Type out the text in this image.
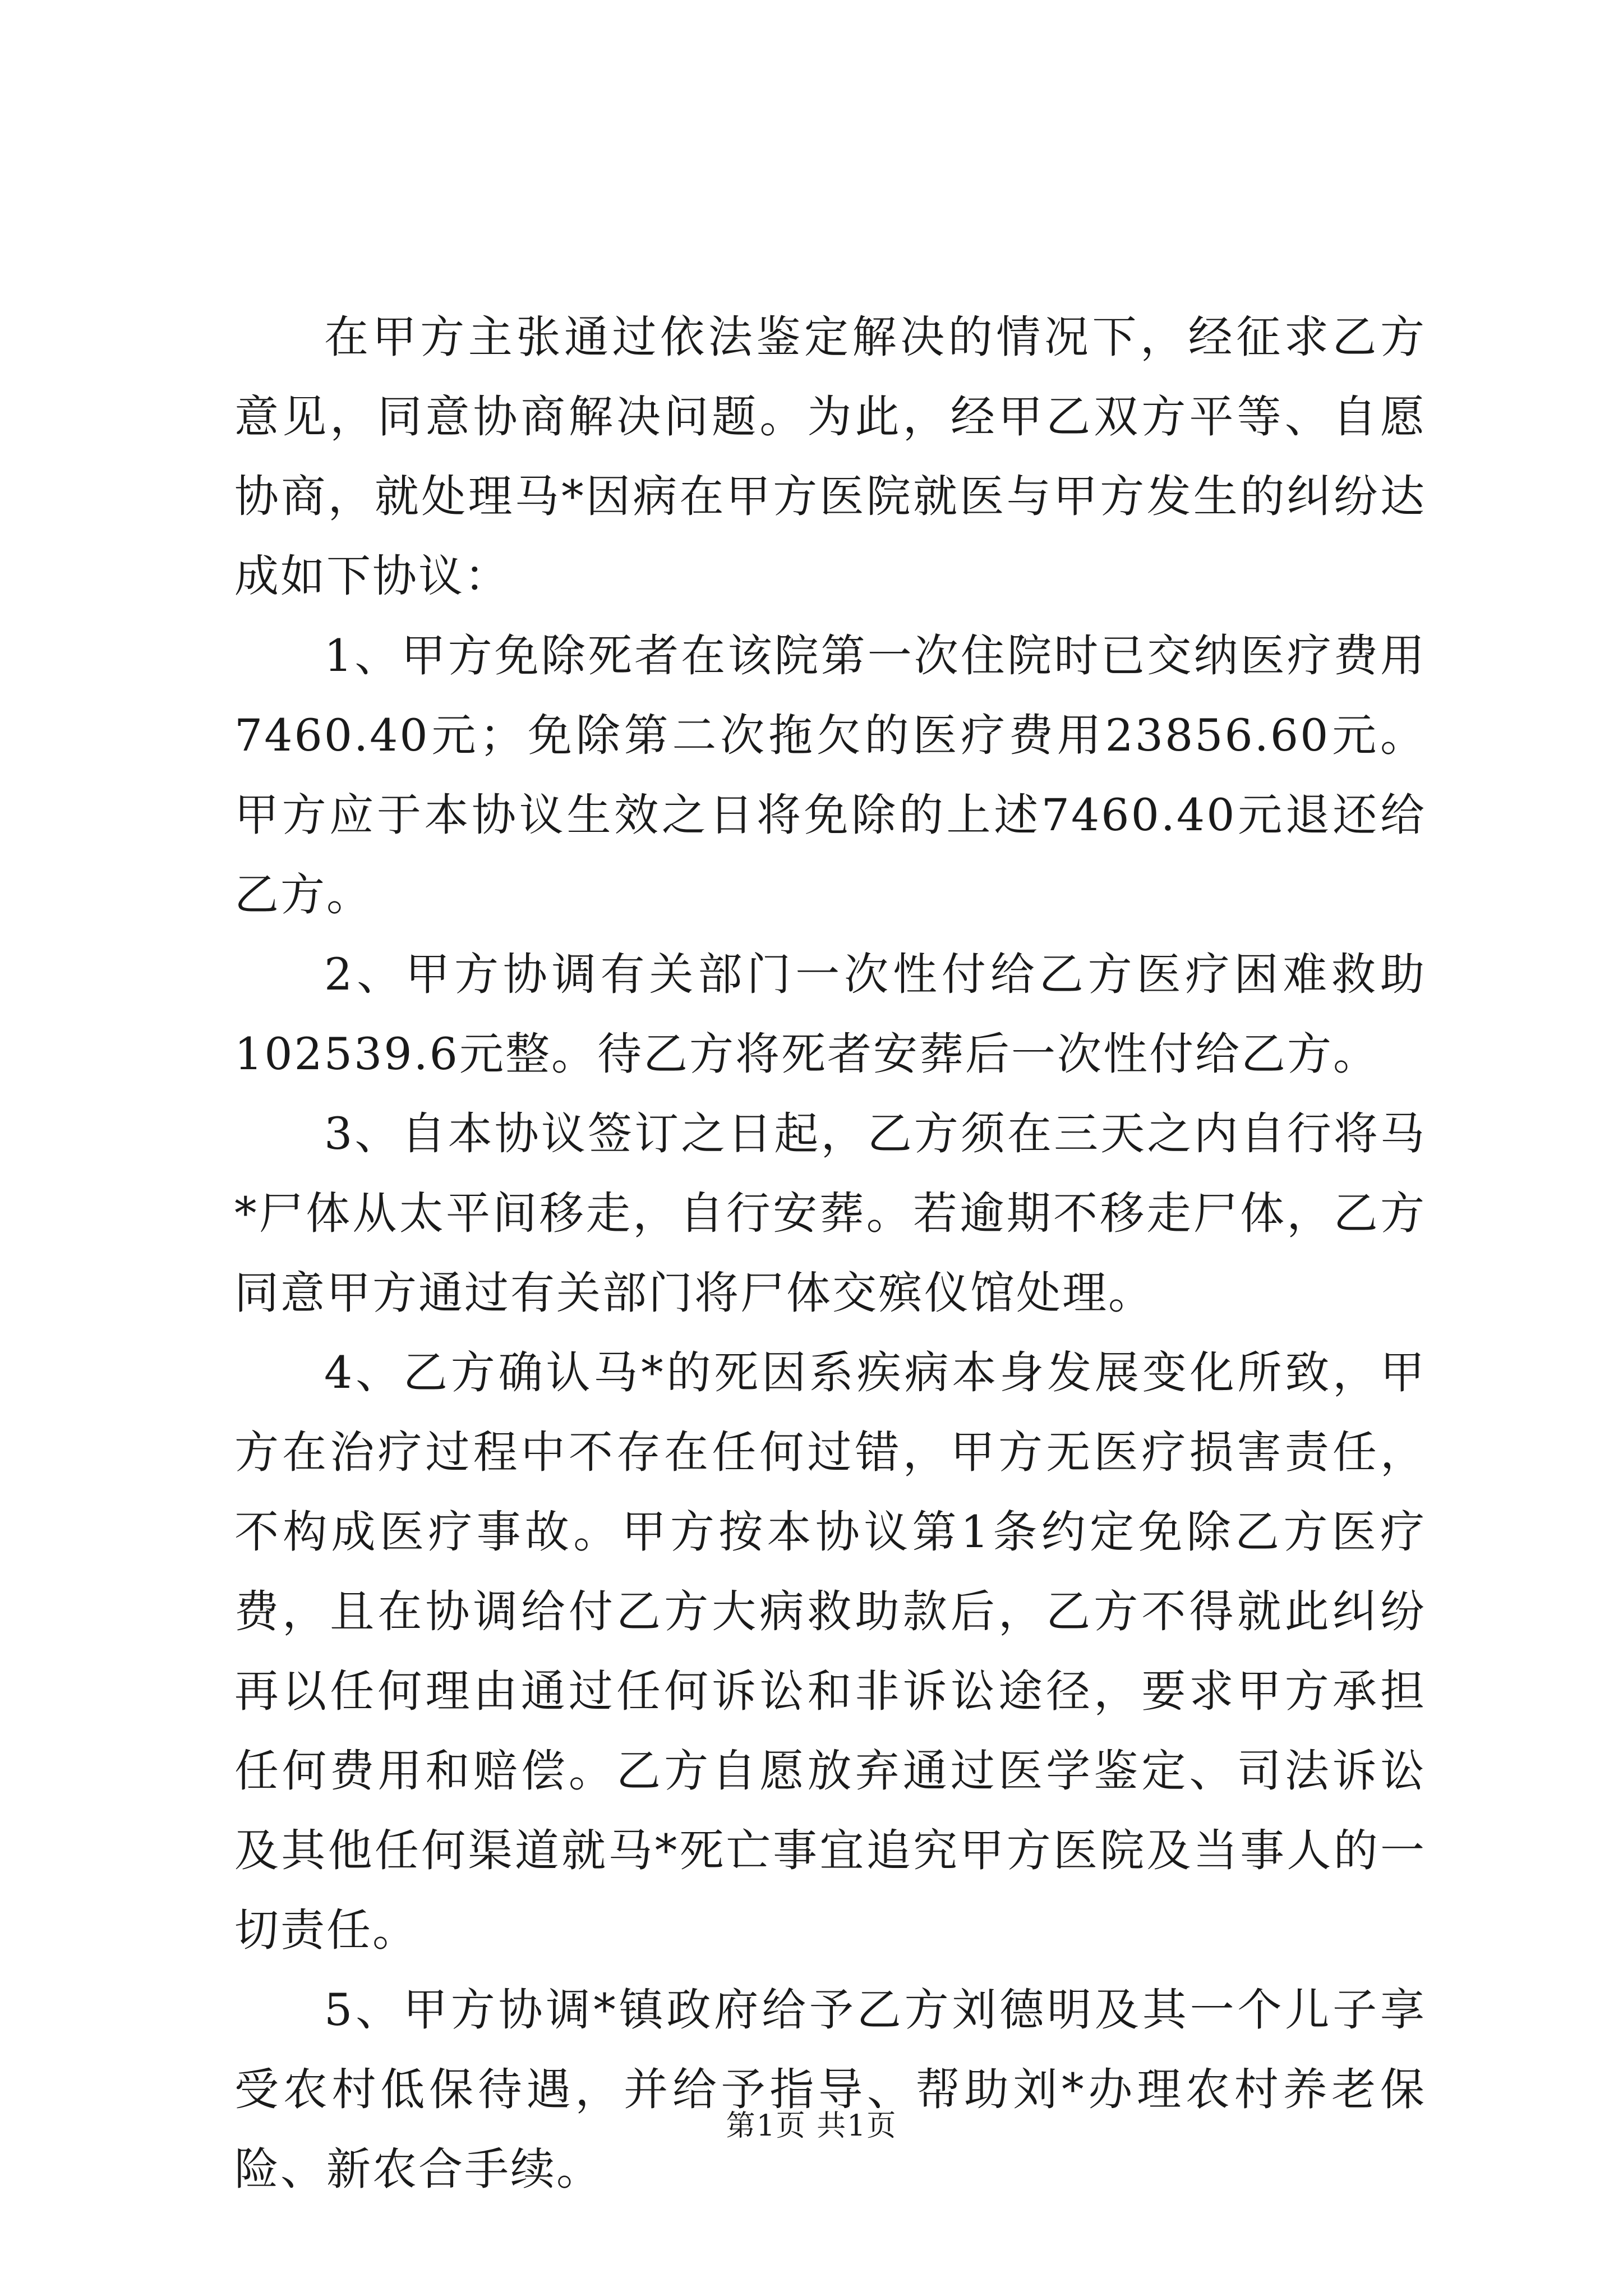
在甲方主张通过依法鉴定解决的情况下，经征求乙方意见，同意协商解决问题。为此，经甲乙双方平等、自愿协商，就处理马*因病在甲方医院就医与甲方发生的纠纷达成如下协议：

1、甲方免除死者在该院第一次住院时已交纳医疗费用7460.40元；免除第二次拖欠的医疗费用23856.60元。甲方应于本协议生效之日将免除的上述7460.40元退还给乙方。

2、甲方协调有关部门一次性付给乙方医疗困难救助102539.6元整。待乙方将死者安葬后一次性付给乙方。

3、自本协议签订之日起，乙方须在三天之内自行将马*尸体从太平间移走，自行安葬。若逾期不移走尸体，乙方同意甲方通过有关部门将尸体交殡仪馆处理。

4、乙方确认马*的死因系疾病本身发展变化所致，甲方在治疗过程中不存在任何过错，甲方无医疗损害责任，不构成医疗事故。甲方按本协议第1条约定免除乙方医疗费，且在协调给付乙方大病救助款后，乙方不得就此纠纷再以任何理由通过任何诉讼和非诉讼途径，要求甲方承担任何费用和赔偿。乙方自愿放弃通过医学鉴定、司法诉讼及其他任何渠道就马*死亡事宜追究甲方医院及当事人的一切责任。

5、甲方协调*镇政府给予乙方刘德明及其一个儿子享受农村低保待遇，并给予指导、帮助刘*办理农村养老保险、新农合手续。

第1页 共1页
